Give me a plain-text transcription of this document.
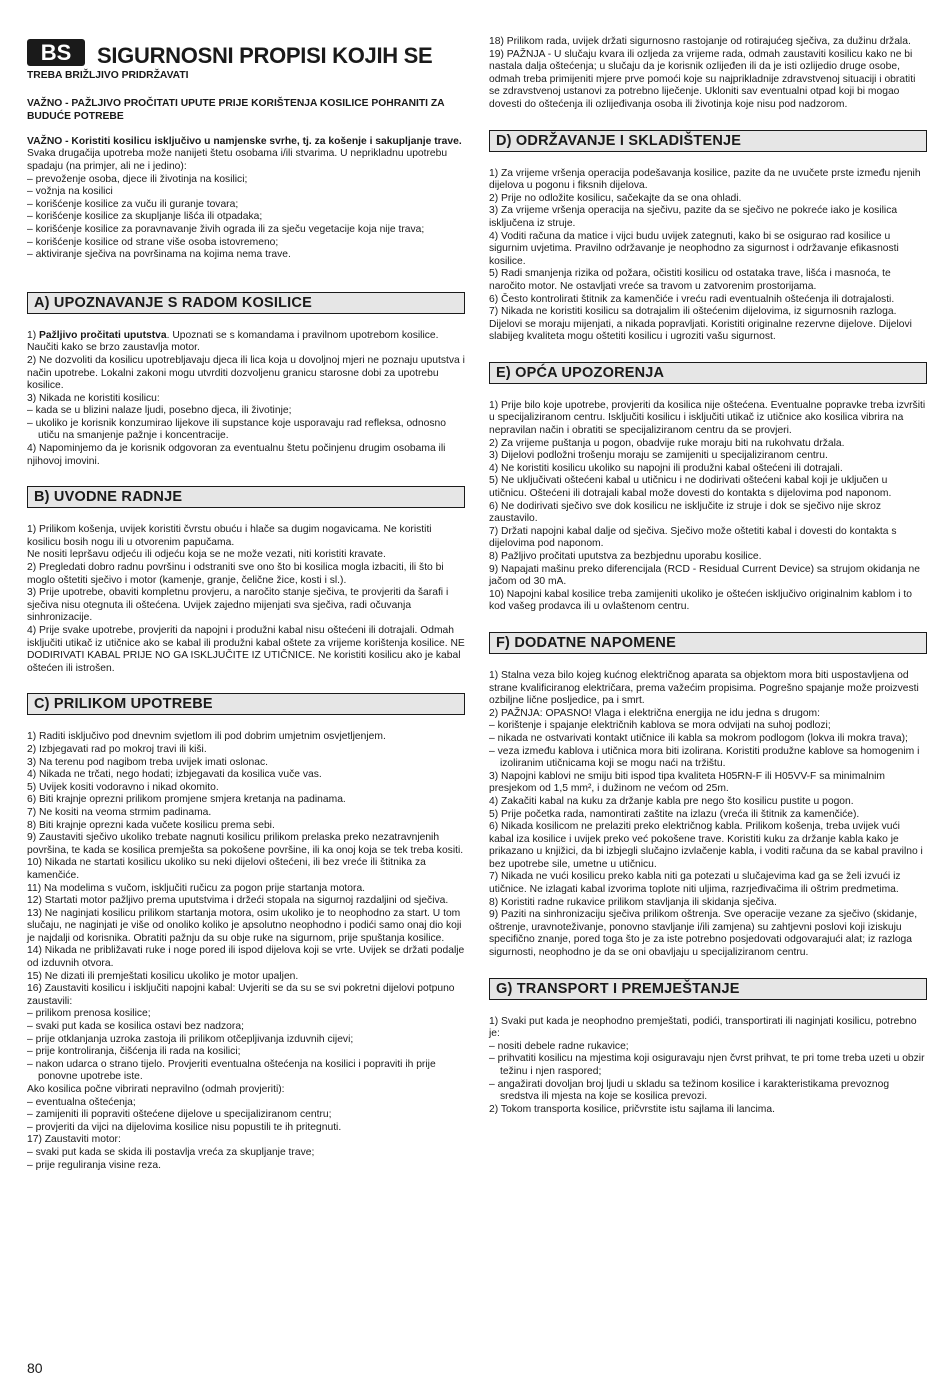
BS	SIGURNOSNI PROPISI KOJIH SE
TREBA BRIŽLJIVO PRIDRŽAVATI

VAŽNO - PAŽLJIVO PROČITATI UPUTE PRIJE KORIŠTENJA KOSILICE POHRANITI ZA BUDUĆE POTREBE

VAŽNO - Koristiti kosilicu isključivo u namjenske svrhe, tj. za košenje i sakupljanje trave. Svaka drugačija upotreba može nanijeti štetu osobama i/ili stvarima. U neprikladnu upotrebu spadaju (na primjer, ali ne i jedino):

– prevoženje osoba, djece ili životinja na kosilici;

– vožnja na kosilici

– korišćenje kosilice za vuču ili guranje tovara;

– korišćenje kosilice za skupljanje lišća ili otpadaka;

– korišćenje kosilice za poravnavanje živih ograda ili za sječu vegetacije koja nije trava;

– korišćenje kosilice od strane više osoba istovremeno;

– aktiviranje sječiva na površinama na kojima nema trave.

A) UPOZNAVANJE S RADOM KOSILICE

1) Pažljivo pročitati uputstva. Upoznati se s komandama i pravilnom upotrebom kosilice. Naučiti kako se brzo zaustavlja motor.

2) Ne dozvoliti da kosilicu upotrebljavaju djeca ili lica koja u dovoljnoj mjeri ne poznaju uputstva i način upotrebe. Lokalni zakoni mogu utvrditi dozvoljenu granicu starosne dobi za upotrebu kosilice.

3) Nikada ne koristiti kosilicu:

– kada se u blizini nalaze ljudi, posebno djeca, ili životinje;

– ukoliko je korisnik konzumirao lijekove ili supstance koje usporavaju rad refleksa, odnosno utiču na smanjenje pažnje i koncentracije.

4) Napominjemo da je korisnik odgovoran za eventualnu štetu počinjenu drugim osobama ili njihovoj imovini.

B) UVODNE RADNJE

1) Prilikom košenja, uvijek koristiti čvrstu obuću i hlače sa dugim nogavicama. Ne koristiti kosilicu bosih nogu ili u otvorenim papučama.

Ne nositi lepršavu odjeću ili odjeću koja se ne može vezati, niti koristiti kravate.

2) Pregledati dobro radnu površinu i odstraniti sve ono što bi kosilica mogla izbaciti, ili što bi moglo oštetiti sječivo i motor (kamenje, granje, čelične žice, kosti i sl.).

3) Prije upotrebe, obaviti kompletnu provjeru, a naročito stanje sječiva, te provjeriti da šarafi i sječiva nisu otegnuta ili oštećena. Uvijek zajedno mijenjati sva sječiva, radi očuvanja sinhronizacije.

4) Prije svake upotrebe, provjeriti da napojni i produžni kabal nisu oštećeni ili dotrajali. Odmah isključiti utikač iz utičnice ako se kabal ili produžni kabal oštete za vrijeme korištenja kosilice. NE DODIRIVATI KABAL PRIJE NO GA ISKLJUČITE IZ UTIČNICE. Ne koristiti kosilicu ako je kabal oštećen ili istrošen.

C) PRILIKOM UPOTREBE

1) Raditi isključivo pod dnevnim svjetlom ili pod dobrim umjetnim osvjetljenjem.

2) Izbjegavati rad po mokroj travi ili kiši.

3) Na terenu pod nagibom treba uvijek imati oslonac.

4) Nikada ne trčati, nego hodati; izbjegavati da kosilica vuče vas.

5) Uvijek kositi vodoravno i nikad okomito.

6) Biti krajnje oprezni prilikom promjene smjera kretanja na padinama.

7) Ne kositi na veoma strmim padinama.

8) Biti krajnje oprezni kada vučete kosilicu prema sebi.

9) Zaustaviti sječivo ukoliko trebate nagnuti kosilicu prilikom prelaska preko nezatravnjenih površina, te kada se kosilica premješta sa pokošene površine, ili ka onoj koja se tek treba kositi.

10) Nikada ne startati kosilicu ukoliko su neki dijelovi oštećeni, ili bez vreće ili štitnika za kamenčiće.

11) Na modelima s vučom, isključiti ručicu za pogon prije startanja motora.

12) Startati motor pažljivo prema uputstvima i držeći stopala na sigurnoj razdaljini od sječiva.

13) Ne naginjati kosilicu prilikom startanja motora, osim ukoliko je to neophodno za start. U tom slučaju, ne naginjati je više od onoliko koliko je apsolutno neophodno i podići samo onaj dio koji je najdalji od korisnika. Obratiti pažnju da su obje ruke na sigurnom, prije spuštanja kosilice.

14) Nikada ne približavati ruke i noge pored ili ispod dijelova koji se vrte. Uvijek se držati podalje od izduvnih otvora.

15) Ne dizati ili premještati kosilicu ukoliko je motor upaljen.

16) Zaustaviti kosilicu i isključiti napojni kabal: Uvjeriti se da su se svi pokretni dijelovi potpuno zaustavili:

– prilikom prenosa kosilice;

– svaki put kada se kosilica ostavi bez nadzora;

– prije otklanjanja uzroka zastoja ili prilikom otčepljivanja izduvnih cijevi;

– prije kontroliranja, čišćenja ili rada na kosilici;

– nakon udarca o strano tijelo. Provjeriti eventualna oštećenja na kosilici i popraviti ih prije ponovne upotrebe iste.

Ako kosilica počne vibrirati nepravilno (odmah provjeriti):

– eventualna oštećenja;

– zamijeniti ili popraviti oštećene dijelove u specijaliziranom centru;

– provjeriti da vijci na dijelovima kosilice nisu popustili te ih pritegnuti.

17) Zaustaviti motor:

– svaki put kada se skida ili postavlja vreća za skupljanje trave;

– prije reguliranja visine reza.

18) Prilikom rada, uvijek držati sigurnosno rastojanje od rotirajućeg sječiva, za dužinu držala.

19) PAŽNJA - U slučaju kvara ili ozljeda za vrijeme rada, odmah zaustaviti kosilicu kako ne bi nastala dalja oštećenja; u slučaju da je korisnik ozlijeđen ili da je isti ozlijedio druge osobe, odmah treba primijeniti mjere prve pomoći koje su najprikladnije zdravstvenoj situaciji i obratiti se zdravstvenoj ustanovi za potrebno liječenje. Ukloniti sav eventualni otpad koji bi mogao dovesti do oštećenja ili ozlijeđivanja osoba ili životinja koje nisu pod nadzorom.

D) ODRŽAVANJE I SKLADIŠTENJE

1) Za vrijeme vršenja operacija podešavanja kosilice, pazite da ne uvučete prste između njenih dijelova u pogonu i fiksnih dijelova.

2) Prije no odložite kosilicu, sačekajte da se ona ohladi.

3) Za vrijeme vršenja operacija na sječivu, pazite da se sječivo ne pokreće iako je kosilica isključena iz struje.

4) Voditi računa da matice i vijci budu uvijek zategnuti, kako bi se osigurao rad kosilice u sigurnim uvjetima. Pravilno održavanje je neophodno za sigurnost i održavanje efikasnosti kosilice.

5) Radi smanjenja rizika od požara, očistiti kosilicu od ostataka trave, lišća i masnoća, te naročito motor. Ne ostavljati vreće sa travom u zatvorenim prostorijama.

6) Često kontrolirati štitnik za kamenčiće i vreću radi eventualnih oštećenja ili dotrajalosti.

7) Nikada ne koristiti kosilicu sa dotrajalim ili oštećenim dijelovima, iz sigurnosnih razloga. Dijelovi se moraju mijenjati, a nikada popravljati. Koristiti originalne rezervne dijelove. Dijelovi slabijeg kvaliteta mogu oštetiti kosilicu i ugroziti vašu sigurnost.

E) OPĆA UPOZORENJA

1) Prije bilo koje upotrebe, provjeriti da kosilica nije oštećena. Eventualne popravke treba izvršiti u specijaliziranom centru. Isključiti kosilicu i isključiti utikač iz utičnice ako kosilica vibrira na nepravilan način i obratiti se specijaliziranom centru da se provjeri.

2) Za vrijeme puštanja u pogon, obadvije ruke moraju biti na rukohvatu držala.

3) Dijelovi podložni trošenju moraju se zamijeniti u specijaliziranom centru.

4) Ne koristiti kosilicu ukoliko su napojni ili produžni kabal oštećeni ili dotrajali.

5) Ne uključivati oštećeni kabal u utičnicu i ne dodirivati oštećeni kabal koji je uključen u utičnicu. Oštećeni ili dotrajali kabal može dovesti do kontakta s dijelovima pod naponom.

6) Ne dodirivati sječivo sve dok kosilicu ne isključite iz struje i dok se sječivo nije skroz zaustavilo.

7) Držati napojni kabal dalje od sječiva. Sječivo može oštetiti kabal i dovesti do kontakta s dijelovima pod naponom.

8) Pažljivo pročitati uputstva za bezbjednu uporabu kosilice.

9) Napajati mašinu preko diferencijala (RCD - Residual Current Device) sa strujom okidanja ne jačom od 30 mA.

10) Napojni kabal kosilice treba zamijeniti ukoliko je oštećen isključivo originalnim kablom i to kod vašeg prodavca ili u ovlaštenom centru.

F) DODATNE NAPOMENE

1) Stalna veza bilo kojeg kućnog električnog aparata sa objektom mora biti uspostavljena od strane kvalificiranog električara, prema važećim propisima. Pogrešno spajanje može proizvesti ozbiljne lične posljedice, pa i smrt.

2) PAŽNJA: OPASNO! Vlaga i električna energija ne idu jedna s drugom:

– korištenje i spajanje električnih kablova se mora odvijati na suhoj podlozi;

– nikada ne ostvarivati kontakt utičnice ili kabla sa mokrom podlogom (lokva ili mokra trava);

– veza između kablova i utičnica mora biti izolirana. Koristiti produžne kablove sa homogenim i izoliranim utičnicama koji se mogu naći na tržištu.

3) Napojni kablovi ne smiju biti ispod tipa kvaliteta H05RN-F ili H05VV-F sa minimalnim presjekom od 1,5 mm², i dužinom ne većom od 25m.

4) Zakačiti kabal na kuku za držanje kabla pre nego što kosilicu pustite u pogon.

5) Prije početka rada, namontirati zaštite na izlazu (vreća ili štitnik za kamenčiće).

6) Nikada kosilicom ne prelaziti preko električnog kabla. Prilikom košenja, treba uvijek vući kabal iza kosilice i uvijek preko već pokošene trave. Koristiti kuku za držanje kabla kako je prikazano u knjižici, da bi izbjegli slučajno izvlačenje kabla, i voditi računa da se kabal pravilno i bez upotrebe sile, umetne u utičnicu.

7) Nikada ne vući kosilicu preko kabla niti ga potezati u slučajevima kad ga se želi izvući iz utičnice. Ne izlagati kabal izvorima toplote niti uljima, razrjeđivačima ili oštrim predmetima.

8) Koristiti radne rukavice prilikom stavljanja ili skidanja sječiva.

9) Paziti na sinhronizaciju sječiva prilikom oštrenja. Sve operacije vezane za sječivo (skidanje, oštrenje, uravnoteživanje, ponovno stavljanje i/ili zamjena) su zahtjevni poslovi koji iziskuju specifično znanje, pored toga što je za iste potrebno posjedovati odgovarajući alat; iz razloga sigurnosti, neophodno je da se oni obavljaju u specijaliziranom centru.

G) TRANSPORT I PREMJEŠTANJE

1) Svaki put kada je neophodno premještati, podići, transportirati ili naginjati kosilicu, potrebno je:

– nositi debele radne rukavice;

– prihvatiti kosilicu na mjestima koji osiguravaju njen čvrst prihvat, te pri tome treba uzeti u obzir težinu i njen raspored;

– angažirati dovoljan broj ljudi u skladu sa težinom kosilice i karakteristikama prevoznog sredstva ili mjesta na koje se kosilica prevozi.

2) Tokom transporta kosilice, pričvrstite istu sajlama ili lancima.

80
